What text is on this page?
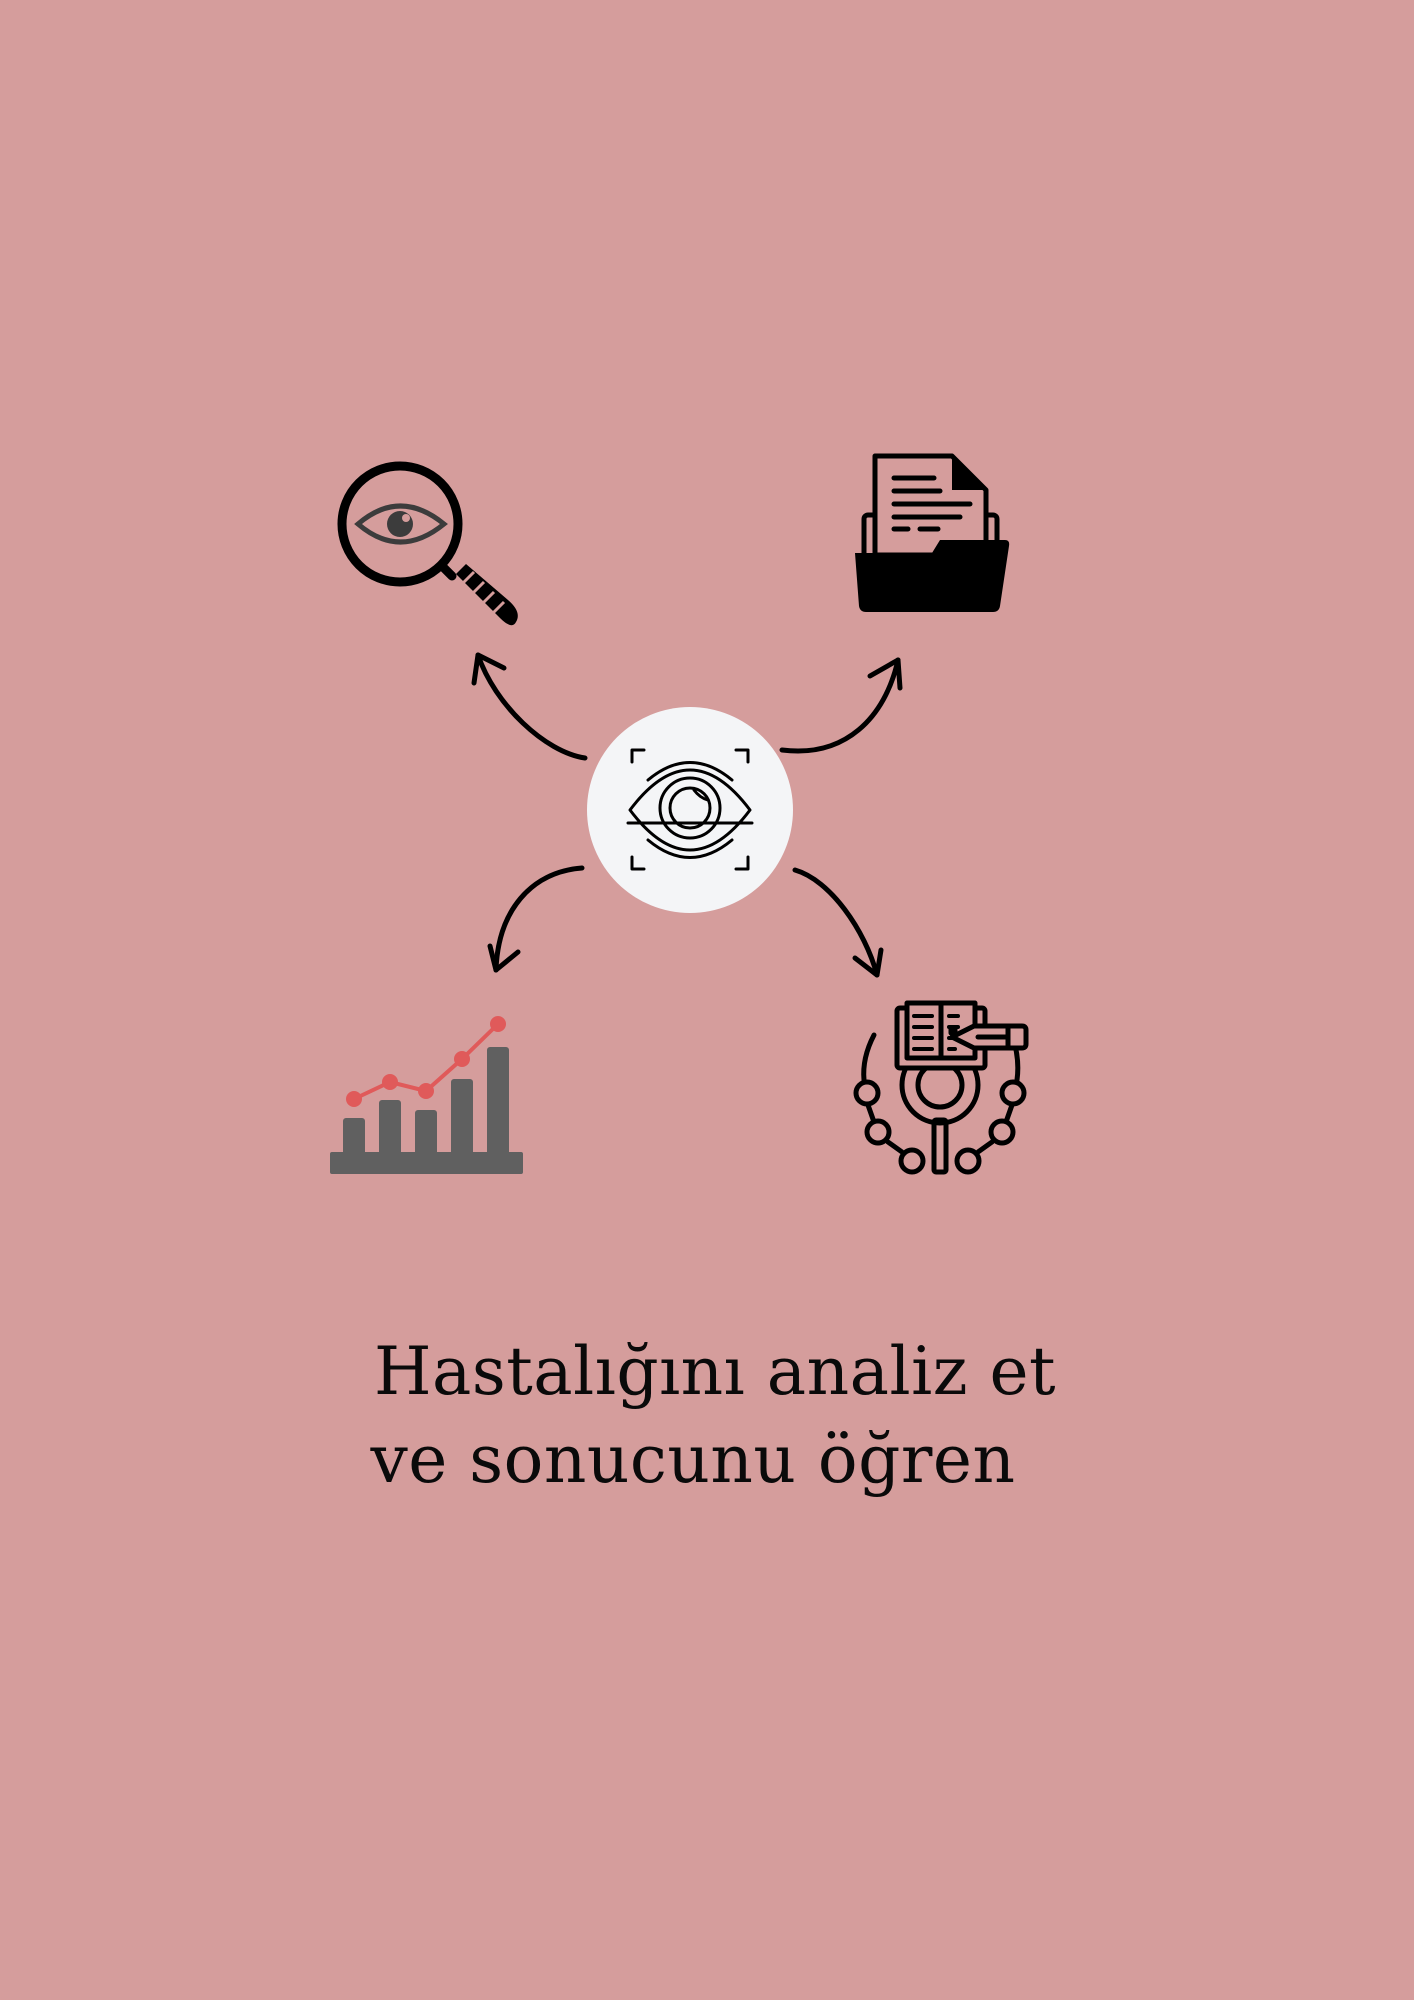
Hastalığını analiz et
ve sonucunu öğren
